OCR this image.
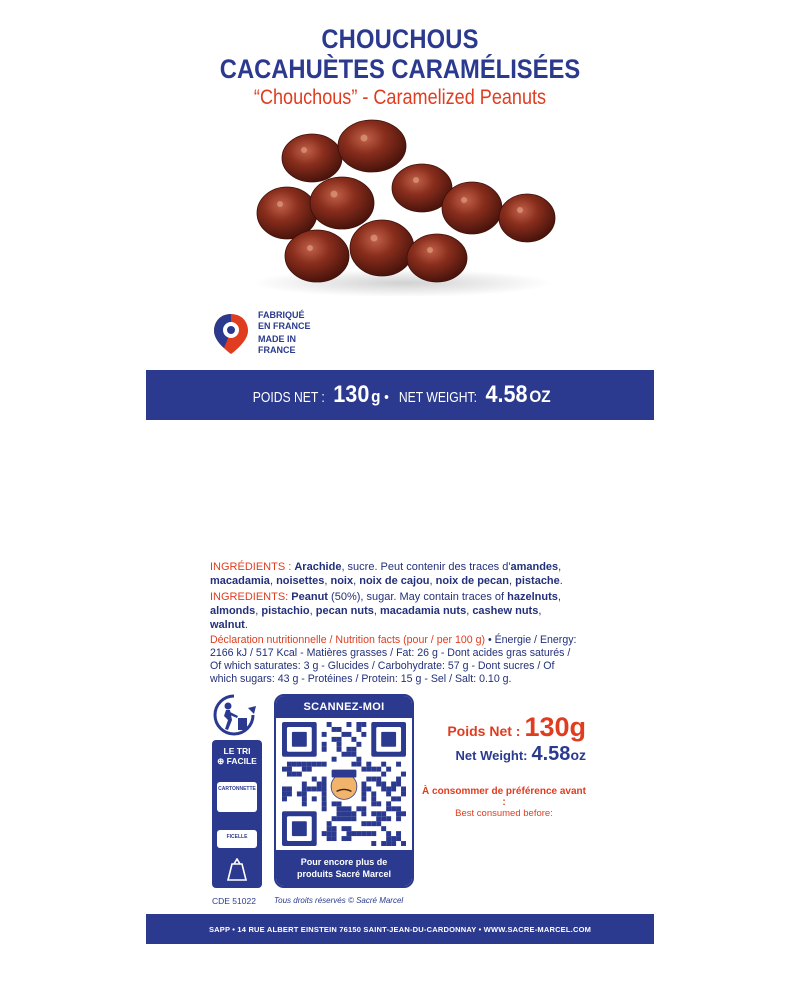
CHOUCHOUS
CACAHUÈTES CARAMÉLISÉES
“Chouchous” - Caramelized Peanuts
FABRIQUÉ
EN FRANCE
MADE IN
FRANCE
POIDS NET : 130 g • NET WEIGHT: 4.58 OZ

INGRÉDIENTS : Arachide, sucre. Peut contenir des traces d'amandes, macadamia, noisettes, noix, noix de cajou, noix de pecan, pistache.

INGREDIENTS: Peanut (50%), sugar. May contain traces of hazelnuts, almonds, pistachio, pecan nuts, macadamia nuts, cashew nuts, walnut.

Déclaration nutritionnelle / Nutrition facts (pour / per 100 g) • Énergie / Energy: 2166 kJ / 517 Kcal - Matières grasses / Fat: 26 g - Dont acides gras saturés / Of which saturates: 3 g - Glucides / Carbohydrate: 57 g - Dont sucres / Of which sugars: 43 g - Protéines / Protein: 15 g - Sel / Salt: 0.10 g.

LE TRI
⊕ FACILE
CARTONNETTE
FICELLE
CDE 51022
SCANNEZ-MOI
Pour encore plus de
produits Sacré Marcel
Tous droits réservés © Sacré Marcel
Poids Net : 130g
Net Weight: 4.58 oz
À consommer de préférence avant :
Best consumed before:
SAPP • 14 RUE ALBERT EINSTEIN 76150 SAINT-JEAN-DU-CARDONNAY • WWW.SACRE-MARCEL.COM
